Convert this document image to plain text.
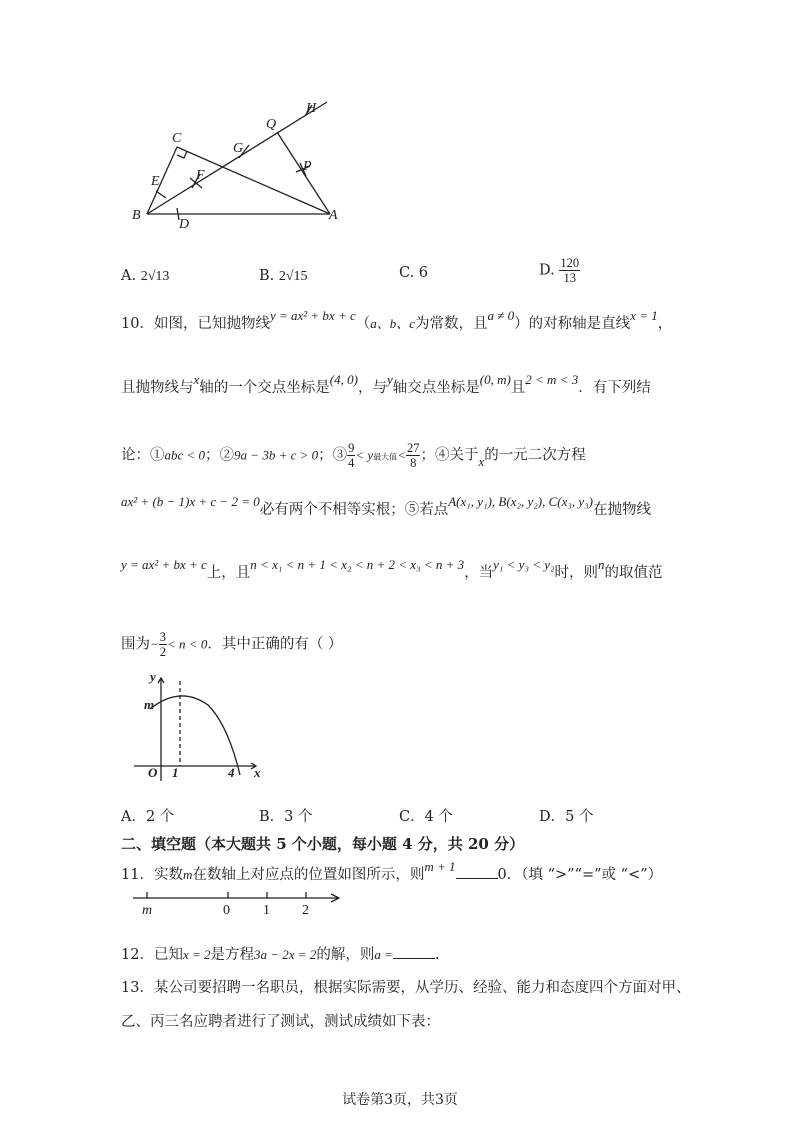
H
Q
C
G
P
E	F
B
D
A
A. 2√13	B. 2√15	C. 6	D. $\frac{120}{13}$
10．如图，已知抛物线y = ax² + bx + c（a、b、c为常数，且a ≠ 0）的对称轴是直线x = 1，
且抛物线与x轴的一个交点坐标是(4, 0)，与y轴交点坐标是(0, m)且2 < m < 3．有下列结
论：①abc < 0；②9a − 3b + c > 0；③ $\frac{9}{4} < y$最大值< $\frac{27}{8}$ ；④关于x的一元二次方程
ax² + (b − 1)x + c − 2 = 0必有两个不相等实根；⑤若点A(x₁, y₁), B(x₂, y₂), C(x₃, y₃)在抛物线
y = ax² + bx + c上，且n < x₁ < n + 1 < x₂ < n + 2 < x₃ < n + 3，当y₁ < y₃ < y₂时，则n的取值范
围为− $\frac{3}{2} < n < 0$．其中正确的有（ ）
y
m
O 1	4 x
A．2 个	B．3 个	C．4 个	D．5 个
二、填空题（本大题共 5 个小题，每小题 4 分，共 20 分）
11．实数m在数轴上对应点的位置如图所示，则m + 10．（填 “>”“=”或 “<”）
m	0 1 2
12．已知x = 2是方程3a − 2x = 2的解，则a =	.
13．某公司要招聘一名职员，根据实际需要，从学历、经验、能力和态度四个方面对甲、
乙、丙三名应聘者进行了测试，测试成绩如下表：
试卷第3页，共3页
